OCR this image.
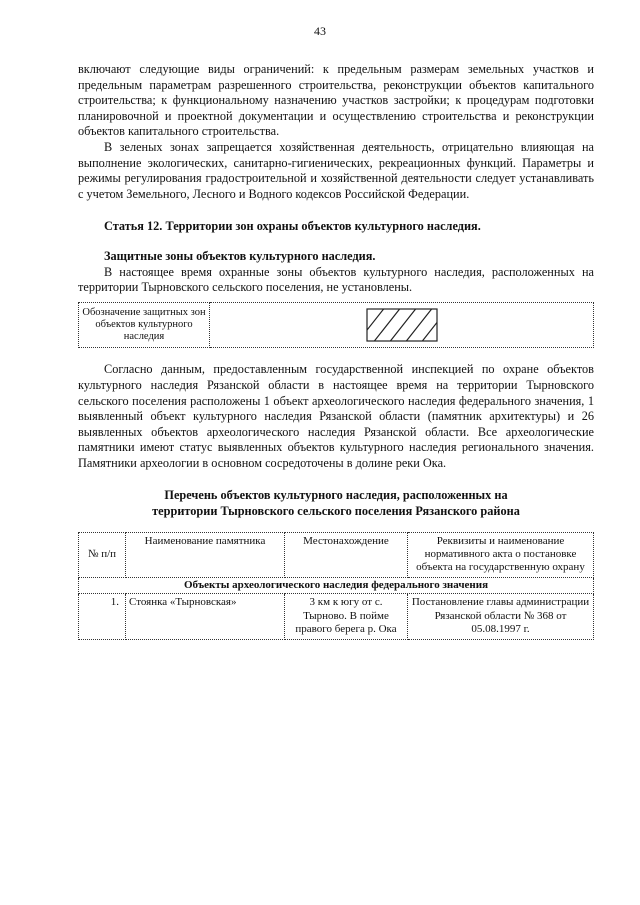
43

включают следующие виды ограничений: к предельным размерам земельных участков и предельным параметрам разрешенного строительства, реконструкции объектов капитального строительства; к функциональному назначению участков застройки; к процедурам подготовки планировочной и проектной документации и осуществлению строительства и реконструкции объектов капитального строительства.

В зеленых зонах запрещается хозяйственная деятельность, отрицательно влияющая на выполнение экологических, санитарно-гигиенических, рекреационных функций. Параметры и режимы регулирования градостроительной и хозяйственной деятельности следует устанавливать с учетом Земельного, Лесного и Водного кодексов Российской Федерации.

Статья 12. Территории зон охраны объектов культурного наследия.

Защитные зоны объектов культурного наследия.

В настоящее время охранные зоны объектов культурного наследия, расположенных на территории Тырновского сельского поселения, не установлены.

Обозначение защитных зон объектов культурного наследия	

Согласно данным, предоставленным государственной инспекцией по охране объектов культурного наследия Рязанской области в настоящее время на территории Тырновского сельского поселения расположены 1 объект археологического наследия федерального значения, 1 выявленный объект культурного наследия Рязанской области (памятник архитектуры) и 26 выявленных объектов археологического наследия Рязанской области. Все археологические памятники имеют статус выявленных объектов культурного наследия регионального значения. Памятники археологии в основном сосредоточены в долине реки Ока.

Перечень объектов культурного наследия, расположенных на

территории Тырновского сельского поселения Рязанского района

№ п/п	Наименование памятника	Местонахождение	Реквизиты и наименование нормативного акта о постановке объекта на государственную охрану
Объекты археологического наследия федерального значения			
1.	Стоянка «Тырновская»	3 км к югу от с. Тырново. В пойме правого берега р. Ока	Постановление главы администрации Рязанской области № 368 от 05.08.1997 г.
